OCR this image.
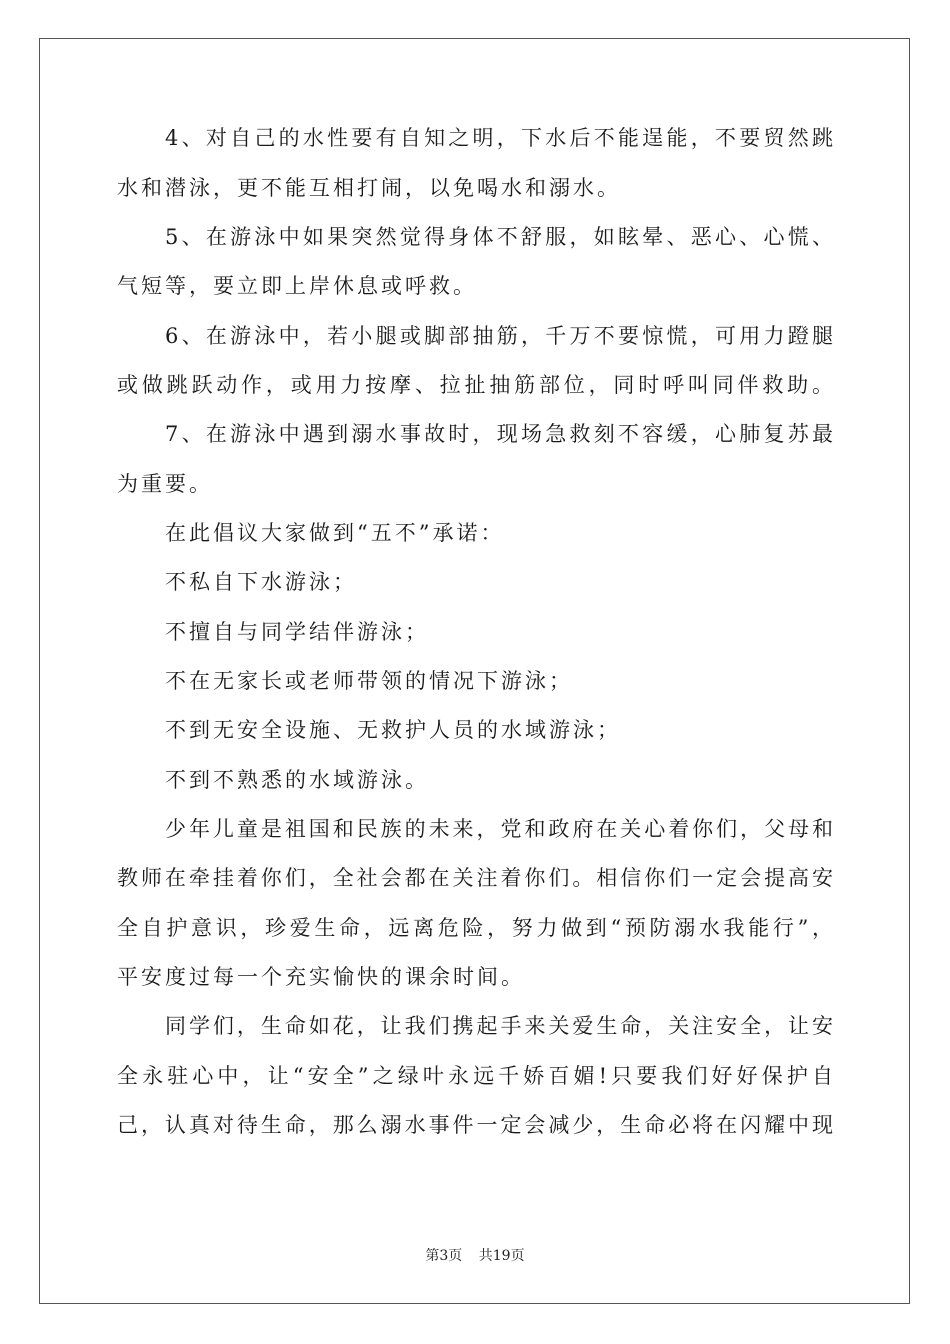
4、对自己的水性要有自知之明，下水后不能逞能，不要贸然跳
水和潜泳，更不能互相打闹，以免喝水和溺水。
5、在游泳中如果突然觉得身体不舒服，如眩晕、恶心、心慌、
气短等，要立即上岸休息或呼救。
6、在游泳中，若小腿或脚部抽筋，千万不要惊慌，可用力蹬腿
或做跳跃动作，或用力按摩、拉扯抽筋部位，同时呼叫同伴救助。
7、在游泳中遇到溺水事故时，现场急救刻不容缓，心肺复苏最
为重要。
在此倡议大家做到“五不”承诺：
不私自下水游泳；
不擅自与同学结伴游泳；
不在无家长或老师带领的情况下游泳；
不到无安全设施、无救护人员的水域游泳；
不到不熟悉的水域游泳。
少年儿童是祖国和民族的未来，党和政府在关心着你们，父母和
教师在牵挂着你们，全社会都在关注着你们。相信你们一定会提高安
全自护意识，珍爱生命，远离危险，努力做到“预防溺水我能行”，
平安度过每一个充实愉快的课余时间。
同学们，生命如花，让我们携起手来关爱生命，关注安全，让安
全永驻心中，让“安全”之绿叶永远千娇百媚!只要我们好好保护自
己，认真对待生命，那么溺水事件一定会减少，生命必将在闪耀中现
第3页 共19页
